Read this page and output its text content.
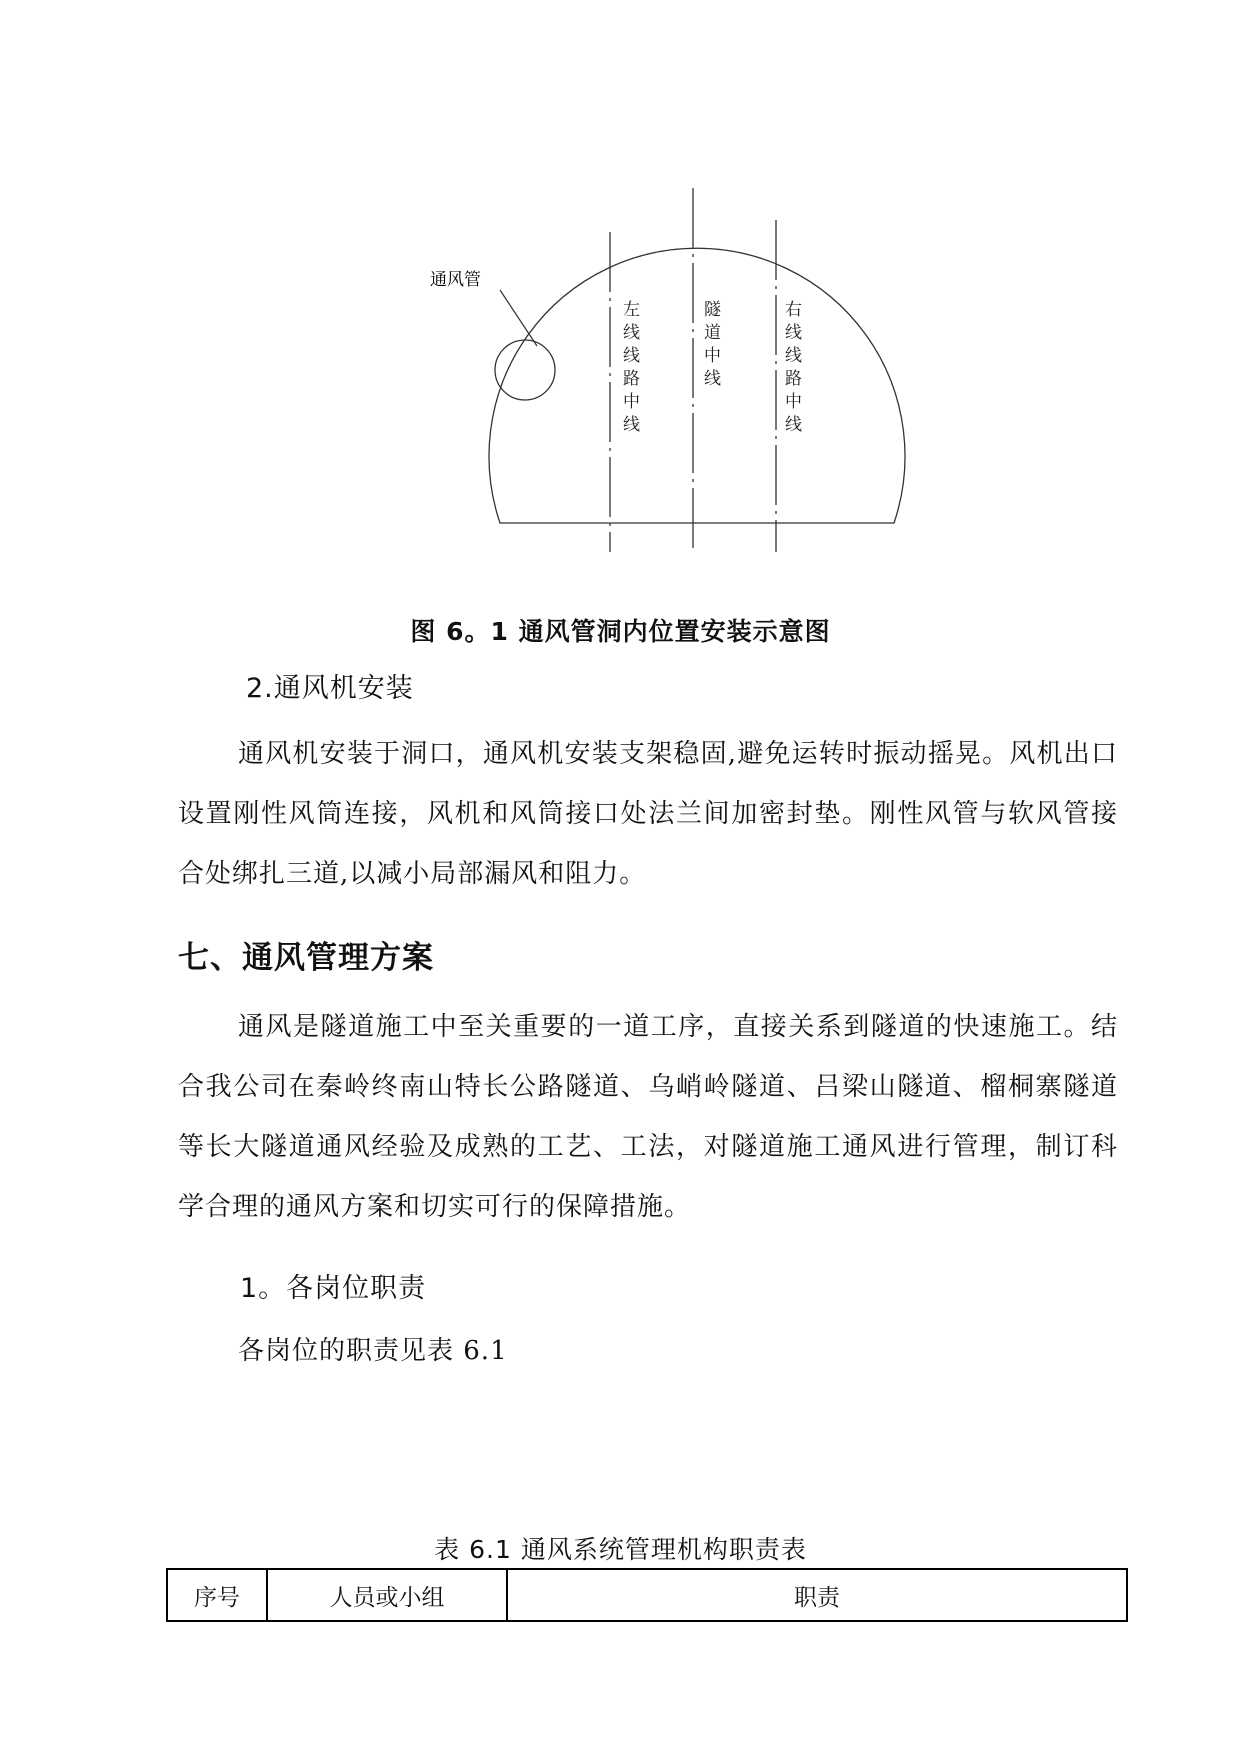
通风管
左线线路中线	隧道中线	右线线路中线
图 6。1 通风管洞内位置安装示意图
2.通风机安装
通风机安装于洞口，通风机安装支架稳固,避免运转时振动摇晃。风机出口设置刚性风筒连接，风机和风筒接口处法兰间加密封垫。刚性风管与软风管接合处绑扎三道,以减小局部漏风和阻力。
七、通风管理方案
通风是隧道施工中至关重要的一道工序，直接关系到隧道的快速施工。结合我公司在秦岭终南山特长公路隧道、乌峭岭隧道、吕梁山隧道、榴桐寨隧道等长大隧道通风经验及成熟的工艺、工法，对隧道施工通风进行管理，制订科学合理的通风方案和切实可行的保障措施。
1。各岗位职责
各岗位的职责见表 6.1
表 6.1 通风系统管理机构职责表
序号	人员或小组	职责
